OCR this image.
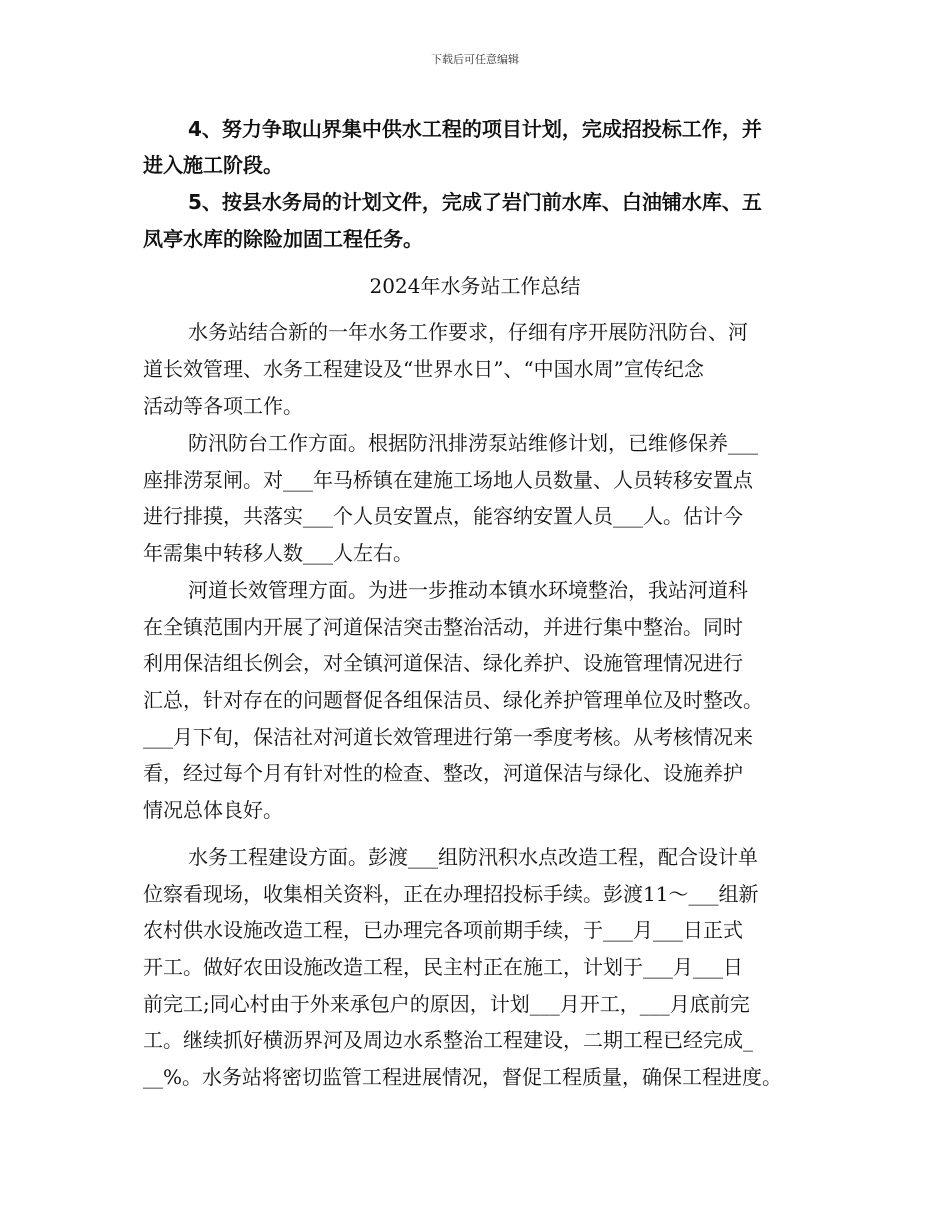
下载后可任意编辑
4、努力争取山界集中供水工程的项目计划，完成招投标工作，并
进入施工阶段。
5、按县水务局的计划文件，完成了岩门前水库、白油铺水库、五
凤亭水库的除险加固工程任务。
2024年水务站工作总结
水务站结合新的一年水务工作要求，仔细有序开展防汛防台、河
道长效管理、水务工程建设及“世界水日”、“中国水周”宣传纪念
活动等各项工作。
防汛防台工作方面。根据防汛排涝泵站维修计划，已维修保养___
座排涝泵闸。对___年马桥镇在建施工场地人员数量、人员转移安置点
进行排摸，共落实___个人员安置点，能容纳安置人员___人。估计今
年需集中转移人数___人左右。
河道长效管理方面。为进一步推动本镇水环境整治，我站河道科
在全镇范围内开展了河道保洁突击整治活动，并进行集中整治。同时
利用保洁组长例会，对全镇河道保洁、绿化养护、设施管理情况进行
汇总，针对存在的问题督促各组保洁员、绿化养护管理单位及时整改。
___月下旬，保洁社对河道长效管理进行第一季度考核。从考核情况来
看，经过每个月有针对性的检查、整改，河道保洁与绿化、设施养护
情况总体良好。
水务工程建设方面。彭渡___组防汛积水点改造工程，配合设计单
位察看现场，收集相关资料，正在办理招投标手续。彭渡11～___组新
农村供水设施改造工程，已办理完各项前期手续，于___月___日正式
开工。做好农田设施改造工程，民主村正在施工，计划于___月___日
前完工;同心村由于外来承包户的原因，计划___月开工，___月底前完
工。继续抓好横沥界河及周边水系整治工程建设，二期工程已经完成_
__%。水务站将密切监管工程进展情况，督促工程质量，确保工程进度。
